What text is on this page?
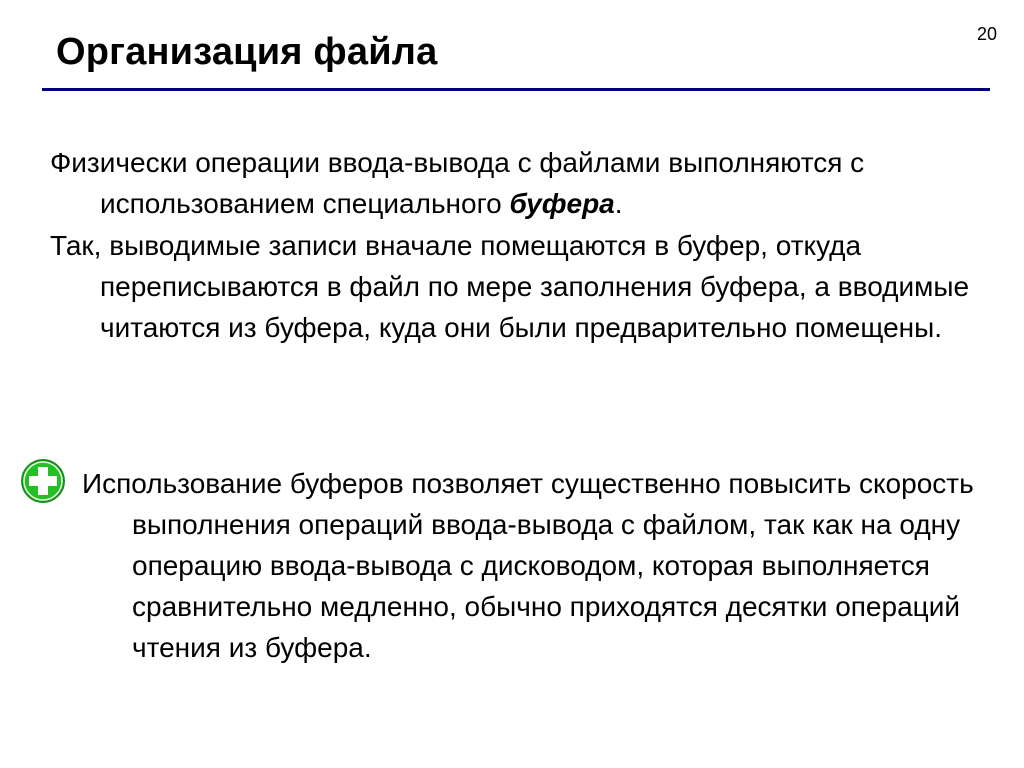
20
Организация файла

Физически операции ввода-вывода с файлами выполняются с использованием специального буфера.

Так, выводимые записи вначале помещаются в буфер, откуда переписываются в файл по мере заполнения буфера, а вводимые читаются из буфера, куда они были предварительно помещены.

Использование буферов позволяет существенно повысить скорость выполнения операций ввода-вывода с файлом, так как на одну операцию ввода-вывода с дисководом, которая выполняется сравнительно медленно, обычно приходятся десятки операций чтения из буфера.
